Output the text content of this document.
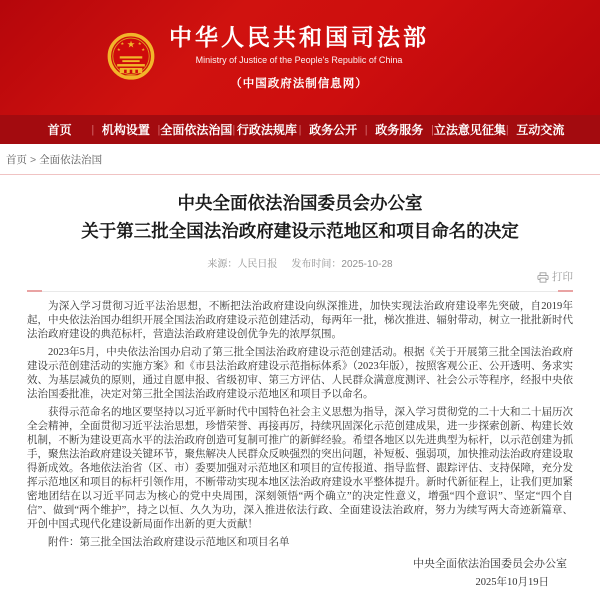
★
★	★
★	★ 中华人民共和国司法部
Ministry of Justice of the People's Republic of China
（中国政府法制信息网）
首页	| 机构设置 | 全面依法治国 | 行政法规库 | 政务公开 | 政务服务 | 立法意见征集 | 互动交流
首页 > 全面依法治国
中央全面依法治国委员会办公室
关于第三批全国法治政府建设示范地区和项目命名的决定
来源：人民日报 发布时间：2025-10-28
打印

为深入学习贯彻习近平法治思想，不断把法治政府建设向纵深推进，加快实现法治政府建设率先突破，自2019年起，中央依法治国办组织开展全国法治政府建设示范创建活动，每两年一批，梯次推进、辐射带动，树立一批批新时代法治政府建设的典范标杆，营造法治政府建设创优争先的浓厚氛围。

2023年5月，中央依法治国办启动了第三批全国法治政府建设示范创建活动。根据《关于开展第三批全国法治政府建设示范创建活动的实施方案》和《市县法治政府建设示范指标体系》（2023年版），按照客观公正、公开透明、务求实效、为基层减负的原则，通过自愿申报、省级初审、第三方评估、人民群众满意度测评、社会公示等程序，经报中央依法治国委批准，决定对第三批全国法治政府建设示范地区和项目予以命名。

获得示范命名的地区要坚持以习近平新时代中国特色社会主义思想为指导，深入学习贯彻党的二十大和二十届历次全会精神，全面贯彻习近平法治思想，珍惜荣誉、再接再厉，持续巩固深化示范创建成果，进一步探索创新、构建长效机制，不断为建设更高水平的法治政府创造可复制可推广的新鲜经验。希望各地区以先进典型为标杆，以示范创建为抓手，聚焦法治政府建设关键环节，聚焦解决人民群众反映强烈的突出问题，补短板、强弱项，加快推动法治政府建设取得新成效。各地依法治省（区、市）委要加强对示范地区和项目的宣传报道、指导监督、跟踪评估、支持保障，充分发挥示范地区和项目的标杆引领作用，不断带动实现本地区法治政府建设水平整体提升。新时代新征程上，让我们更加紧密地团结在以习近平同志为核心的党中央周围，深刻领悟“两个确立”的决定性意义，增强“四个意识”、坚定“四个自信”、做到“两个维护”，持之以恒、久久为功，深入推进依法行政、全面建设法治政府，努力为续写两大奇迹新篇章、开创中国式现代化建设新局面作出新的更大贡献！

附件：第三批全国法治政府建设示范地区和项目名单

中央全面依法治国委员会办公室
2025年10月19日
